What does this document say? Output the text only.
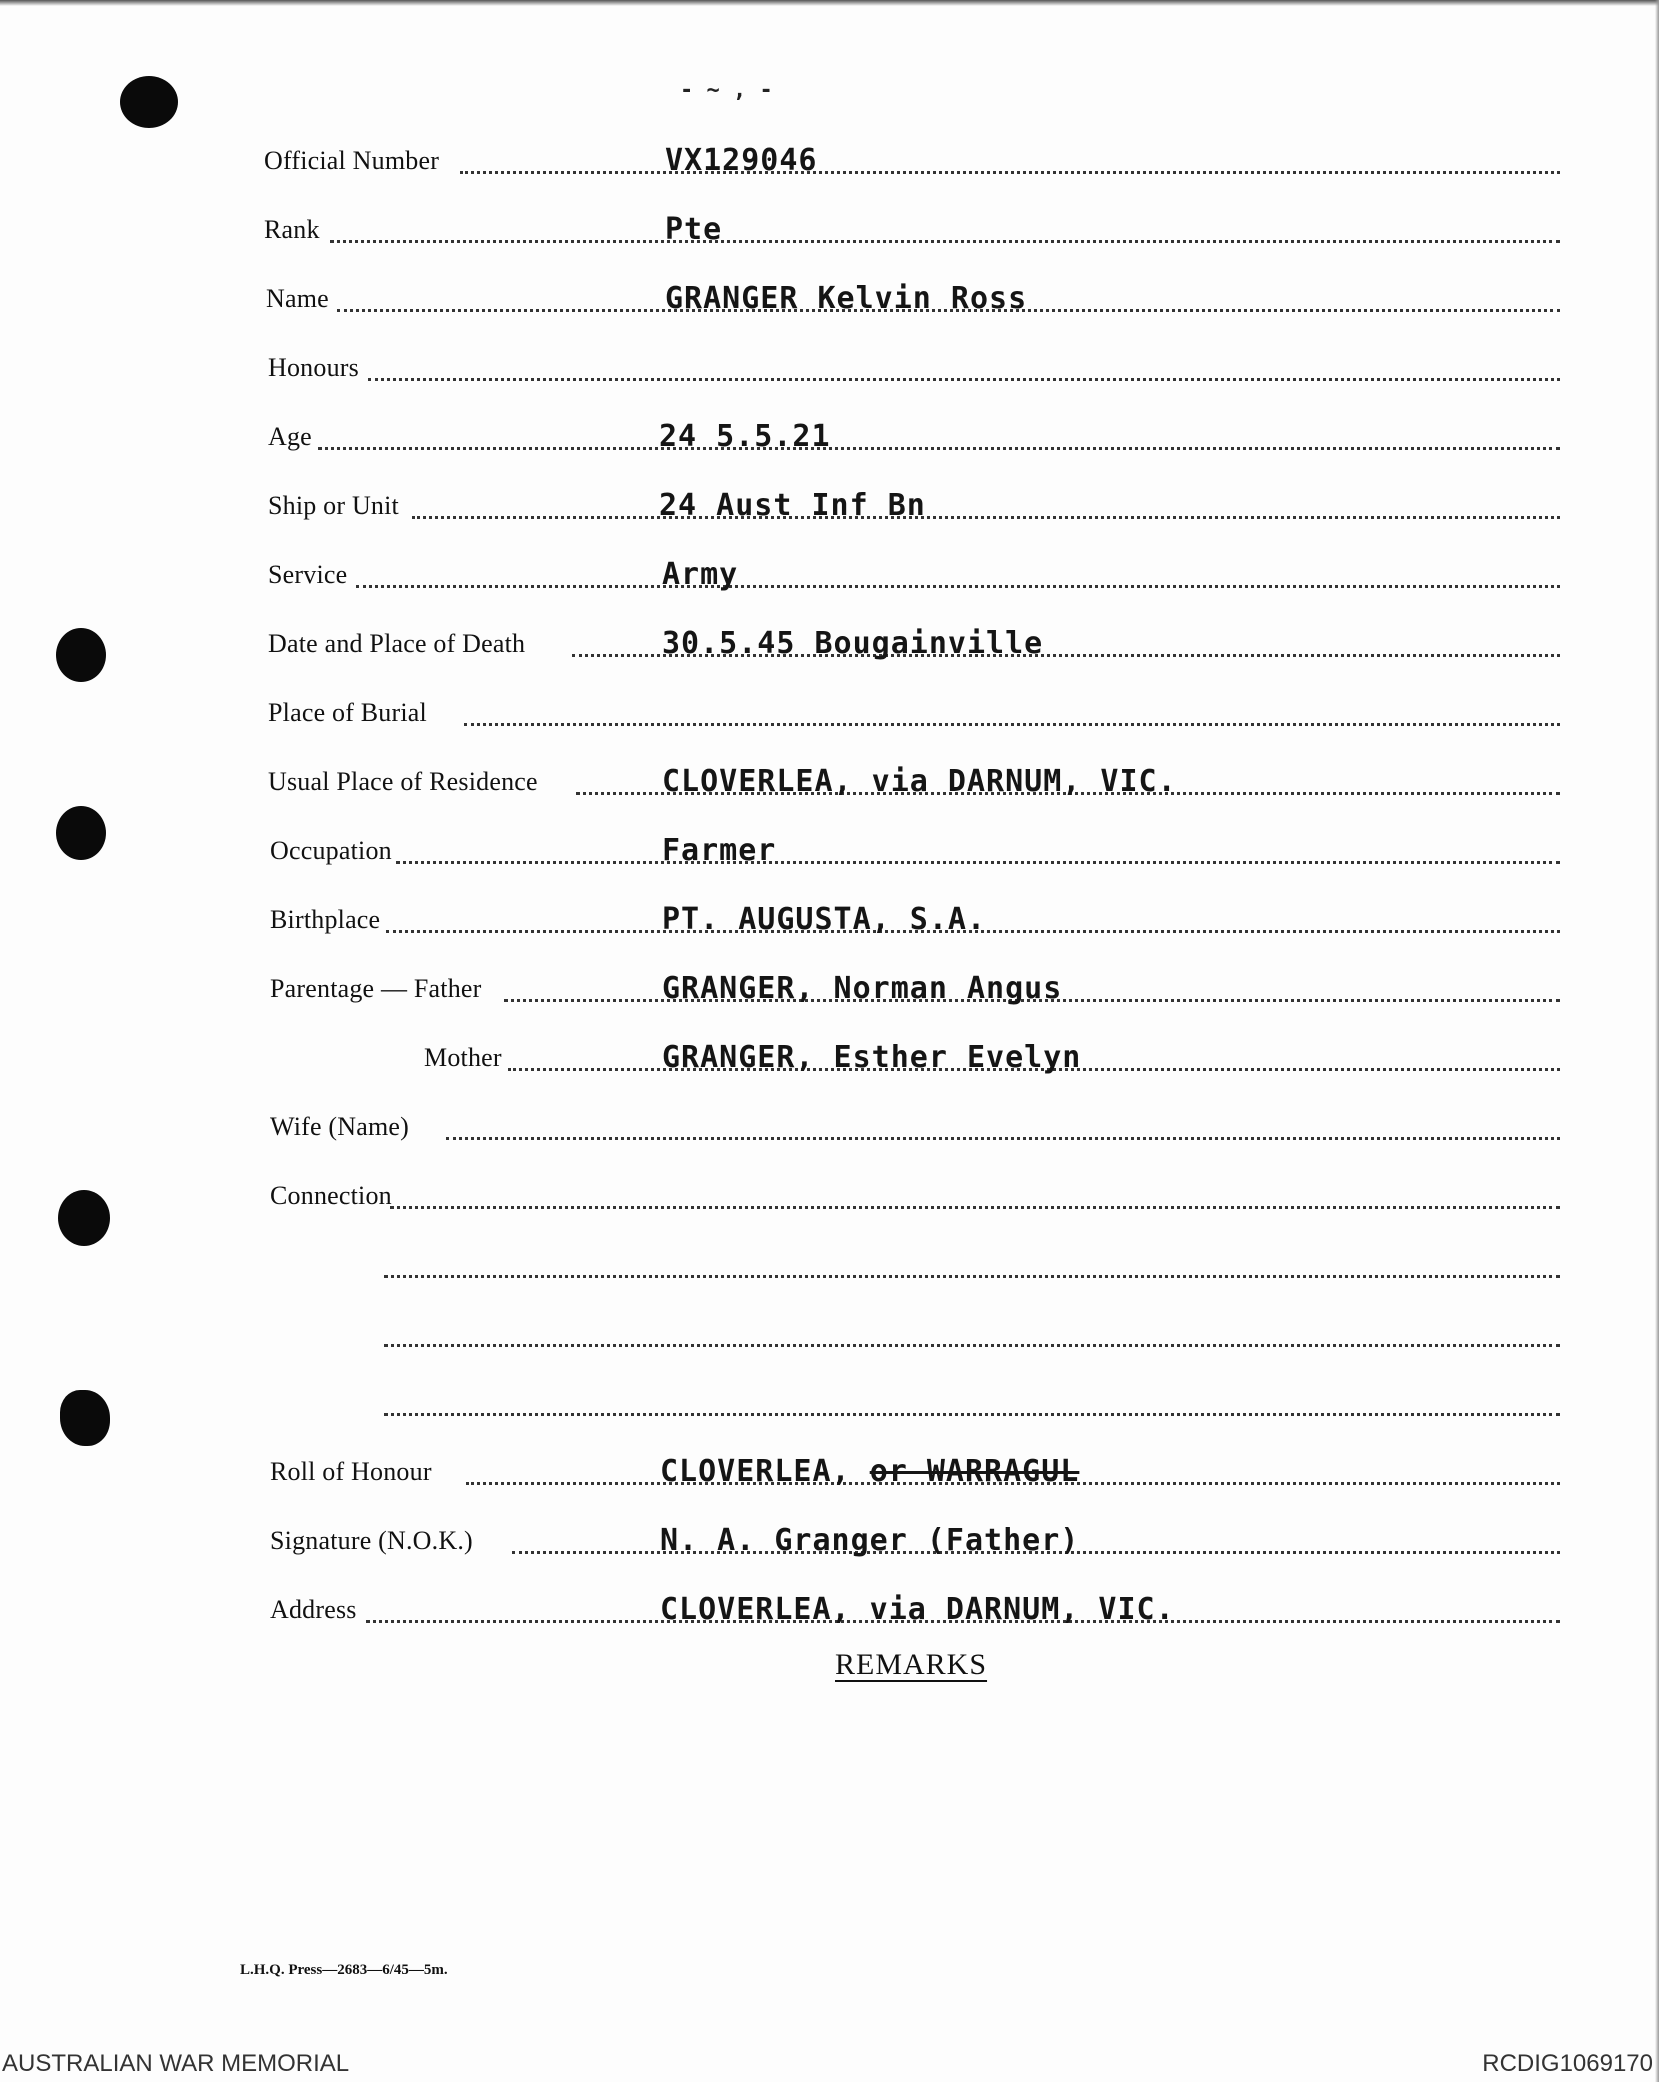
- ~ , -
Official Number	VX129046
Rank	Pte
Name	GRANGER Kelvin Ross
Honours
Age	24 5.5.21
Ship or Unit	24 Aust Inf Bn
Service	Army
Date and Place of Death	30.5.45 Bougainville
Place of Burial
Usual Place of Residence	CLOVERLEA, via DARNUM, VIC.
Occupation	Farmer
Birthplace	PT. AUGUSTA, S.A.
Parentage — Father	GRANGER, Norman Angus
Mother	GRANGER, Esther Evelyn
Wife (Name)
Connection
Roll of Honour	CLOVERLEA, or WARRAGUL
Signature (N.O.K.)	N. A. Granger (Father)
Address	CLOVERLEA, via DARNUM, VIC.
REMARKS
L.H.Q. Press—2683—6/45—5m.
AUSTRALIAN WAR MEMORIAL	RCDIG1069170
